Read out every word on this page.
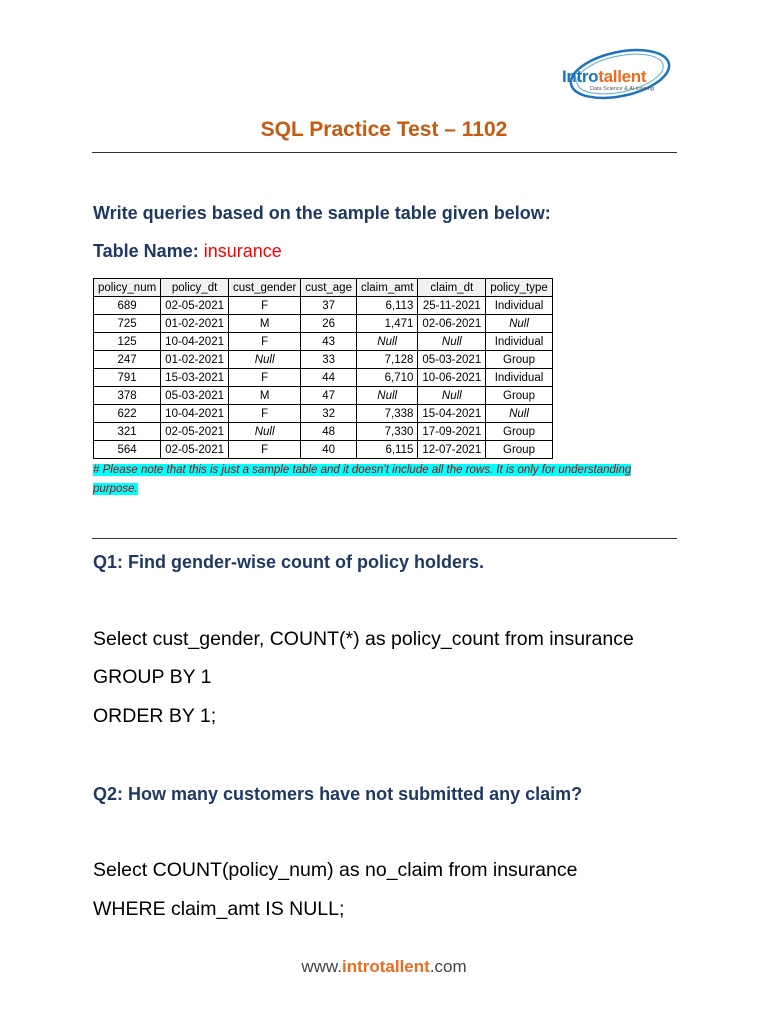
Introtallent
Data Science & AI training
SQL Practice Test – 1102
Write queries based on the sample table given below:
Table Name: insurance
policy_num	policy_dt	cust_gender	cust_age	claim_amt	claim_dt	policy_type
689	02-05-2021	F	37	6,113	25-11-2021	Individual
725	01-02-2021	M	26	1,471	02-06-2021	Null
125	10-04-2021	F	43	Null	Null	Individual
247	01-02-2021	Null	33	7,128	05-03-2021	Group
791	15-03-2021	F	44	6,710	10-06-2021	Individual
378	05-03-2021	M	47	Null	Null	Group
622	10-04-2021	F	32	7,338	15-04-2021	Null
321	02-05-2021	Null	48	7,330	17-09-2021	Group
564	02-05-2021	F	40	6,115	12-07-2021	Group
# Please note that this is just a sample table and it doesn’t include all the rows. It is only for understanding purpose.
Q1: Find gender-wise count of policy holders.
Select cust_gender, COUNT(*) as policy_count from insurance
GROUP BY 1
ORDER BY 1;
Q2: How many customers have not submitted any claim?
Select COUNT(policy_num) as no_claim from insurance
WHERE claim_amt IS NULL;
www.introtallent.com
